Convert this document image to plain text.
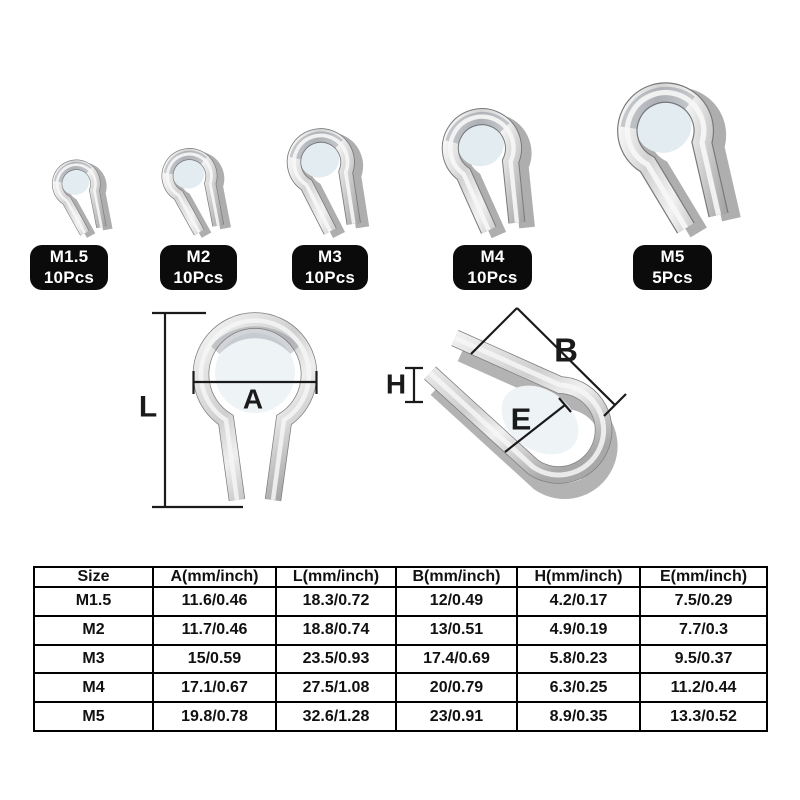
M1.5
10Pcs
M2
10Pcs
M3
10Pcs
M4
10Pcs
M5
5Pcs
L	A
B
H
E
Size	A(mm/inch)	L(mm/inch)	B(mm/inch)	H(mm/inch)	E(mm/inch)
M1.5	11.6/0.46	18.3/0.72	12/0.49	4.2/0.17	7.5/0.29
M2	11.7/0.46	18.8/0.74	13/0.51	4.9/0.19	7.7/0.3
M3	15/0.59	23.5/0.93	17.4/0.69	5.8/0.23	9.5/0.37
M4	17.1/0.67	27.5/1.08	20/0.79	6.3/0.25	11.2/0.44
M5	19.8/0.78	32.6/1.28	23/0.91	8.9/0.35	13.3/0.52
